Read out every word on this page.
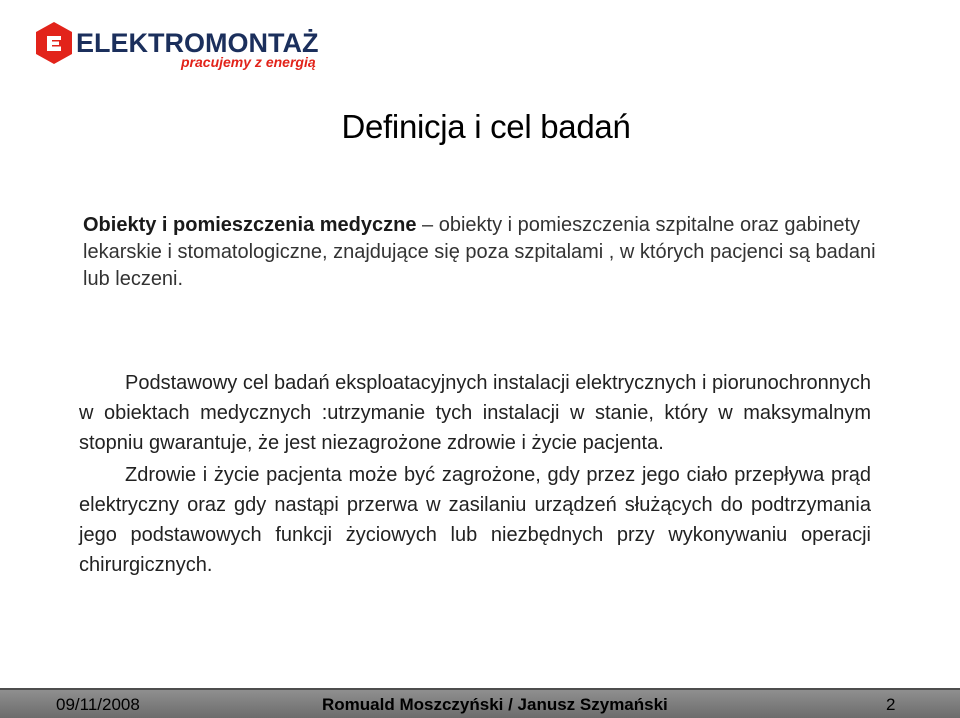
ELEKTROMONTAŻ
pracujemy z energią
Definicja i cel badań
Obiekty i pomieszczenia medyczne – obiekty i pomieszczenia szpitalne oraz gabinety lekarskie i stomatologiczne, znajdujące się poza szpitalami , w których pacjenci są badani lub leczeni.

Podstawowy cel badań eksploatacyjnych instalacji elektrycznych i piorunochronnych w obiektach medycznych :utrzymanie tych instalacji w stanie, który w maksymalnym stopniu gwarantuje, że jest niezagrożone zdrowie i życie pacjenta.

Zdrowie i życie pacjenta może być zagrożone, gdy przez jego ciało przepływa prąd elektryczny oraz gdy nastąpi przerwa w zasilaniu urządzeń służących do podtrzymania jego podstawowych funkcji życiowych lub niezbędnych przy wykonywaniu operacji chirurgicznych.

09/11/2008	Romuald Moszczyński / Janusz Szymański	2
